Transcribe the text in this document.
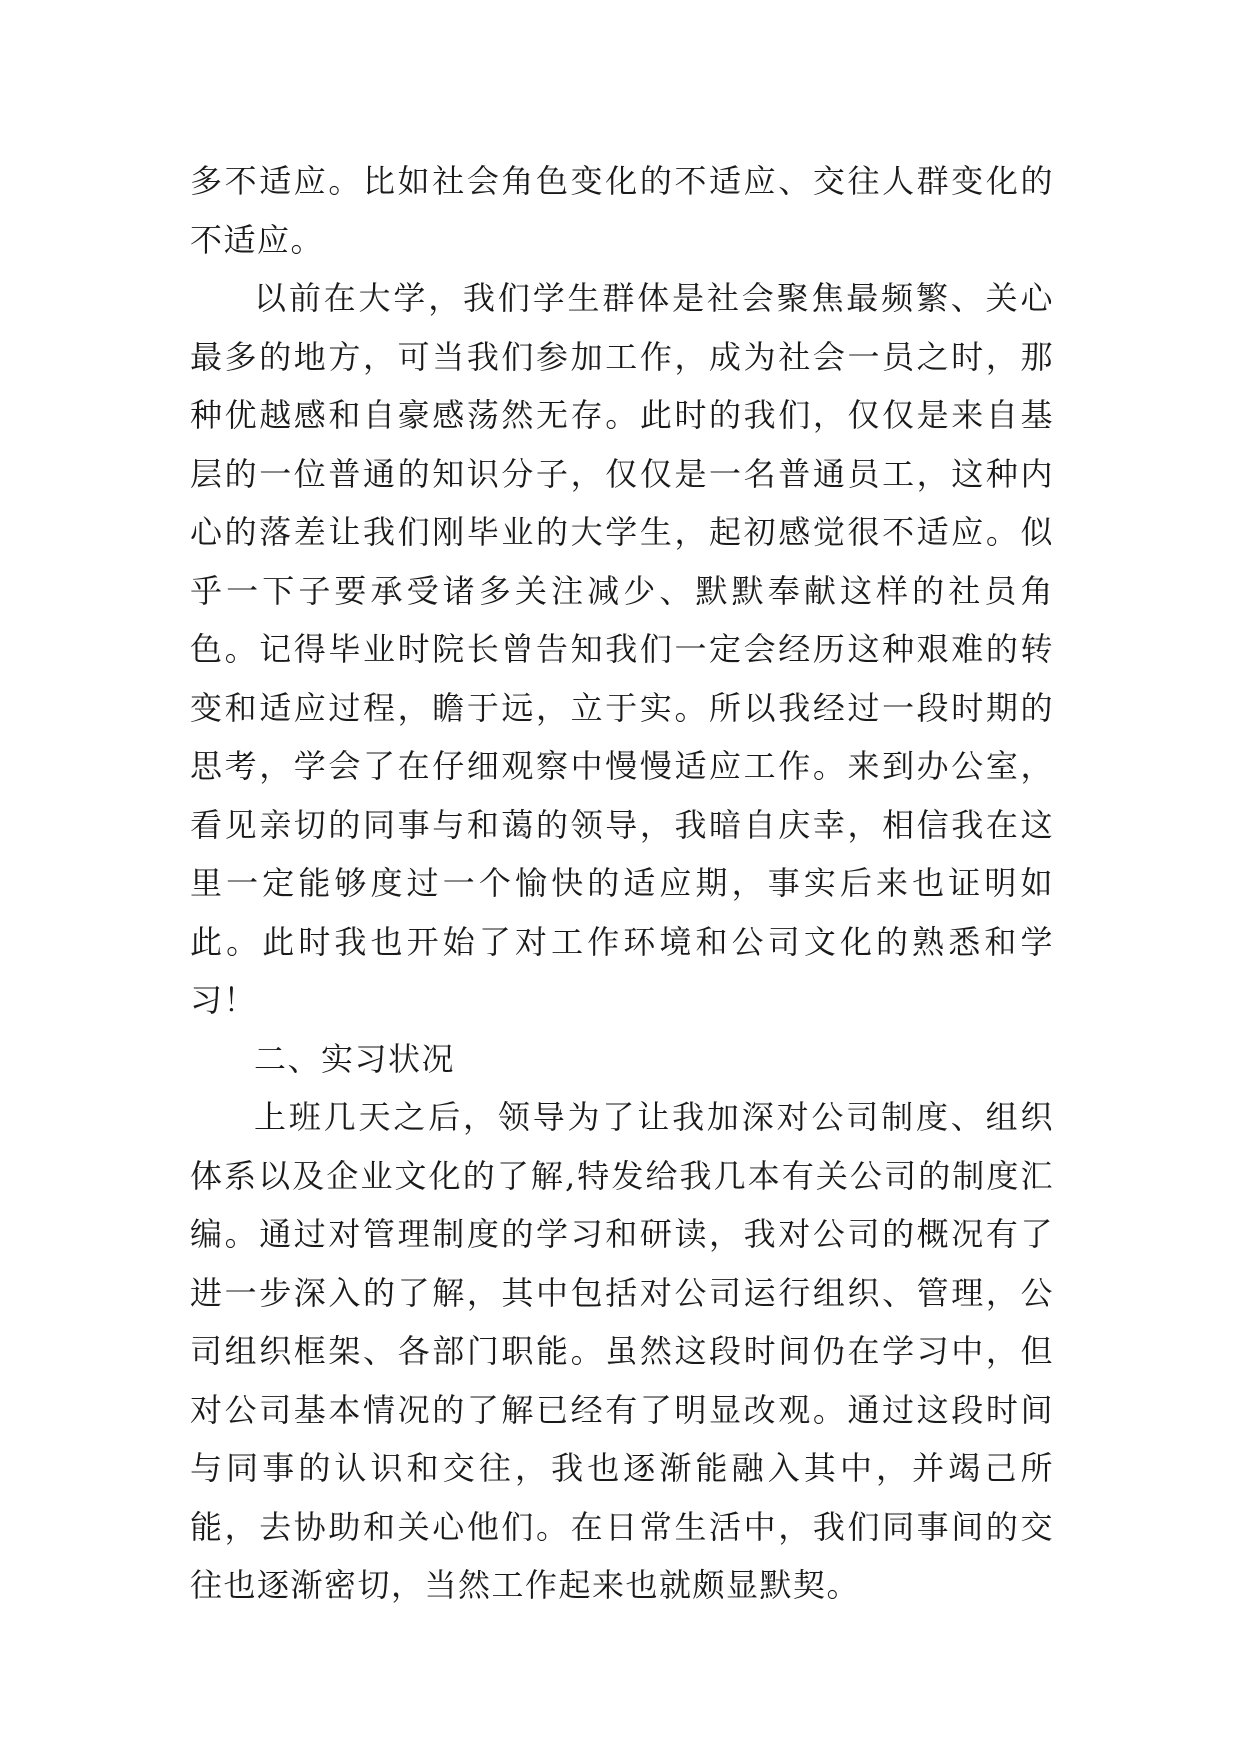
多不适应。比如社会角色变化的不适应、交往人群变化的不适应。

以前在大学，我们学生群体是社会聚焦最频繁、关心最多的地方，可当我们参加工作，成为社会一员之时，那种优越感和自豪感荡然无存。此时的我们，仅仅是来自基层的一位普通的知识分子，仅仅是一名普通员工，这种内心的落差让我们刚毕业的大学生，起初感觉很不适应。似乎一下子要承受诸多关注减少、默默奉献这样的社员角色。记得毕业时院长曾告知我们一定会经历这种艰难的转变和适应过程，瞻于远，立于实。所以我经过一段时期的思考，学会了在仔细观察中慢慢适应工作。来到办公室，看见亲切的同事与和蔼的领导，我暗自庆幸，相信我在这里一定能够度过一个愉快的适应期，事实后来也证明如此。此时我也开始了对工作环境和公司文化的熟悉和学习！

二、实习状况

上班几天之后，领导为了让我加深对公司制度、组织体系以及企业文化的了解,特发给我几本有关公司的制度汇编。通过对管理制度的学习和研读，我对公司的概况有了进一步深入的了解，其中包括对公司运行组织、管理，公司组织框架、各部门职能。虽然这段时间仍在学习中，但对公司基本情况的了解已经有了明显改观。通过这段时间与同事的认识和交往，我也逐渐能融入其中，并竭己所能，去协助和关心他们。在日常生活中，我们同事间的交往也逐渐密切，当然工作起来也就颇显默契。
